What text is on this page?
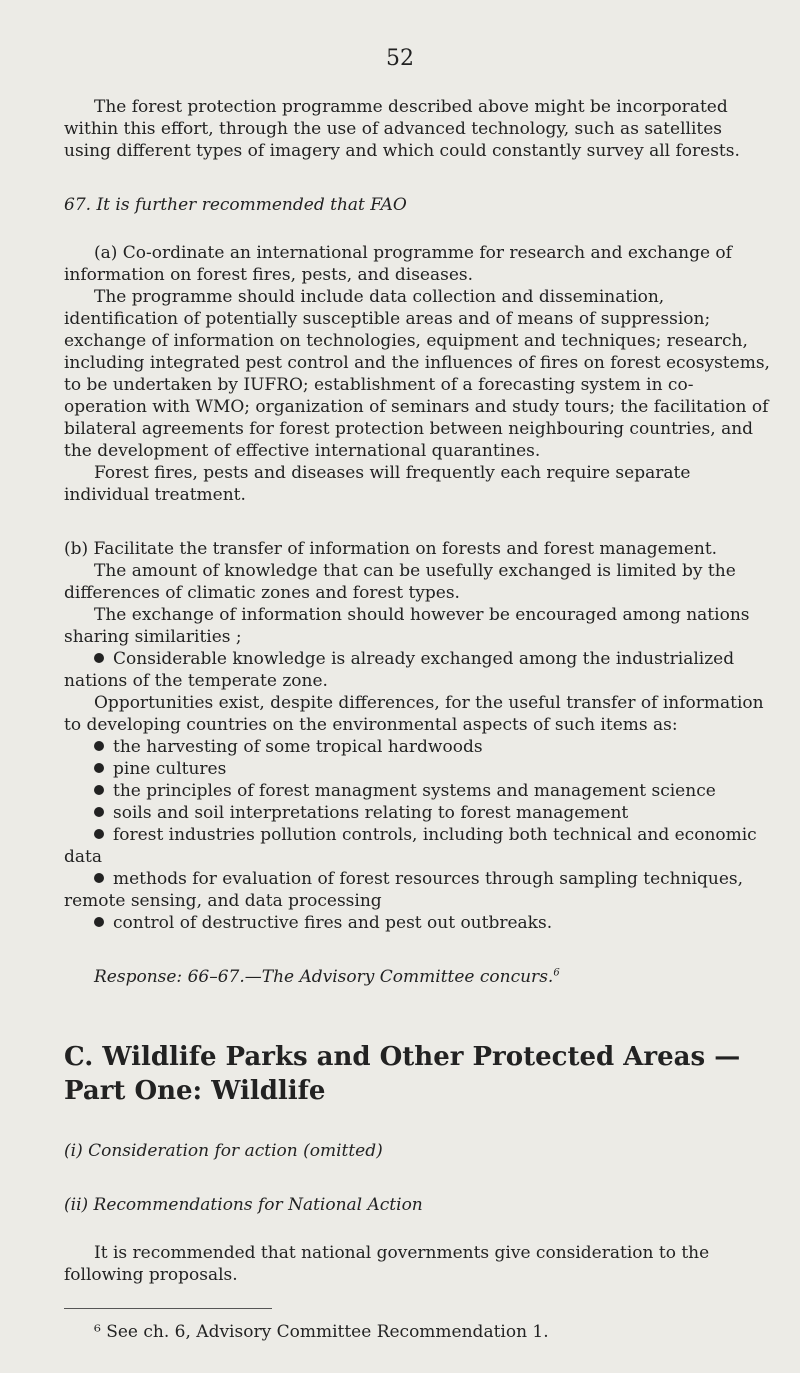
52

The forest protection programme described above might be incorporated within this effort, through the use of advanced technology, such as satellites using different types of imagery and which could constantly survey all forests.

67. It is further recommended that FAO

(a) Co-ordinate an international programme for research and exchange of information on forest fires, pests, and diseases.

The programme should include data collection and dissemination, identification of potentially susceptible areas and of means of suppression; exchange of information on technologies, equipment and techniques; research, including integrated pest control and the influences of fires on forest ecosystems, to be undertaken by IUFRO; establishment of a forecasting system in co-operation with WMO; organization of seminars and study tours; the facilitation of bilateral agreements for forest protection between neighbouring countries, and the development of effective international quarantines.

Forest fires, pests and diseases will frequently each require separate individual treatment.

(b) Facilitate the transfer of information on forests and forest management.

The amount of knowledge that can be usefully exchanged is limited by the differences of climatic zones and forest types.

The exchange of information should however be encouraged among nations sharing similarities ;

Considerable knowledge is already exchanged among the industrialized nations of the temperate zone.

Opportunities exist, despite differences, for the useful transfer of information to developing countries on the environmental aspects of such items as:

the harvesting of some tropical hardwoods
pine cultures
the principles of forest managment systems and management science
soils and soil interpretations relating to forest management
forest industries pollution controls, including both technical and economic data
methods for evaluation of forest resources through sampling techniques, remote sensing, and data processing
control of destructive fires and pest out outbreaks.

Response: 66–67.—The Advisory Committee concurs.$^6$

C. Wildlife Parks and Other Protected Areas —Part One: Wildlife

(i) Consideration for action (omitted)

(ii) Recommendations for National Action

It is recommended that national governments give consideration to the following proposals.

⁶ See ch. 6, Advisory Committee Recommendation 1.
